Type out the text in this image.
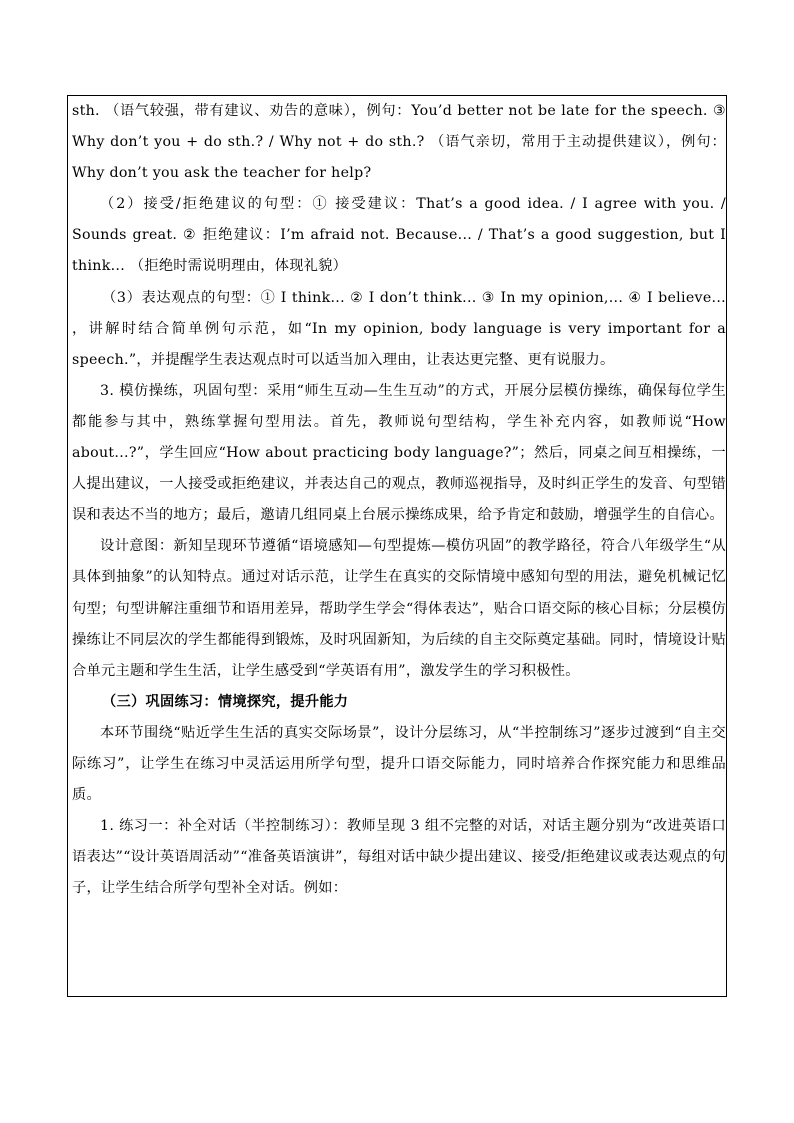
sth. （语气较强，带有建议、劝告的意味），例句：You’d better not be late for the speech. ③ Why don’t you + do sth.? / Why not + do sth.? （语气亲切，常用于主动提供建议），例句：Why don’t you ask the teacher for help?

（2）接受/拒绝建议的句型：① 接受建议：That’s a good idea. / I agree with you. / Sounds great. ② 拒绝建议：I’m afraid not. Because... / That’s a good suggestion, but I think... （拒绝时需说明理由，体现礼貌）

（3）表达观点的句型：① I think... ② I don’t think... ③ In my opinion,... ④ I believe... ，讲解时结合简单例句示范，如“In my opinion, body language is very important for a speech.”，并提醒学生表达观点时可以适当加入理由，让表达更完整、更有说服力。

3. 模仿操练，巩固句型：采用“师生互动—生生互动”的方式，开展分层模仿操练，确保每位学生都能参与其中，熟练掌握句型用法。首先，教师说句型结构，学生补充内容，如教师说“How about...?”，学生回应“How about practicing body language?”；然后，同桌之间互相操练，一人提出建议，一人接受或拒绝建议，并表达自己的观点，教师巡视指导，及时纠正学生的发音、句型错误和表达不当的地方；最后，邀请几组同桌上台展示操练成果，给予肯定和鼓励，增强学生的自信心。

设计意图：新知呈现环节遵循“语境感知—句型提炼—模仿巩固”的教学路径，符合八年级学生“从具体到抽象”的认知特点。通过对话示范，让学生在真实的交际情境中感知句型的用法，避免机械记忆句型；句型讲解注重细节和语用差异，帮助学生学会“得体表达”，贴合口语交际的核心目标；分层模仿操练让不同层次的学生都能得到锻炼，及时巩固新知，为后续的自主交际奠定基础。同时，情境设计贴合单元主题和学生生活，让学生感受到“学英语有用”，激发学生的学习积极性。

（三）巩固练习：情境探究，提升能力

本环节围绕“贴近学生生活的真实交际场景”，设计分层练习，从“半控制练习”逐步过渡到“自主交际练习”，让学生在练习中灵活运用所学句型，提升口语交际能力，同时培养合作探究能力和思维品质。

1. 练习一：补全对话（半控制练习）：教师呈现 3 组不完整的对话，对话主题分别为“改进英语口语表达”“设计英语周活动”“准备英语演讲”，每组对话中缺少提出建议、接受/拒绝建议或表达观点的句子，让学生结合所学句型补全对话。例如：
